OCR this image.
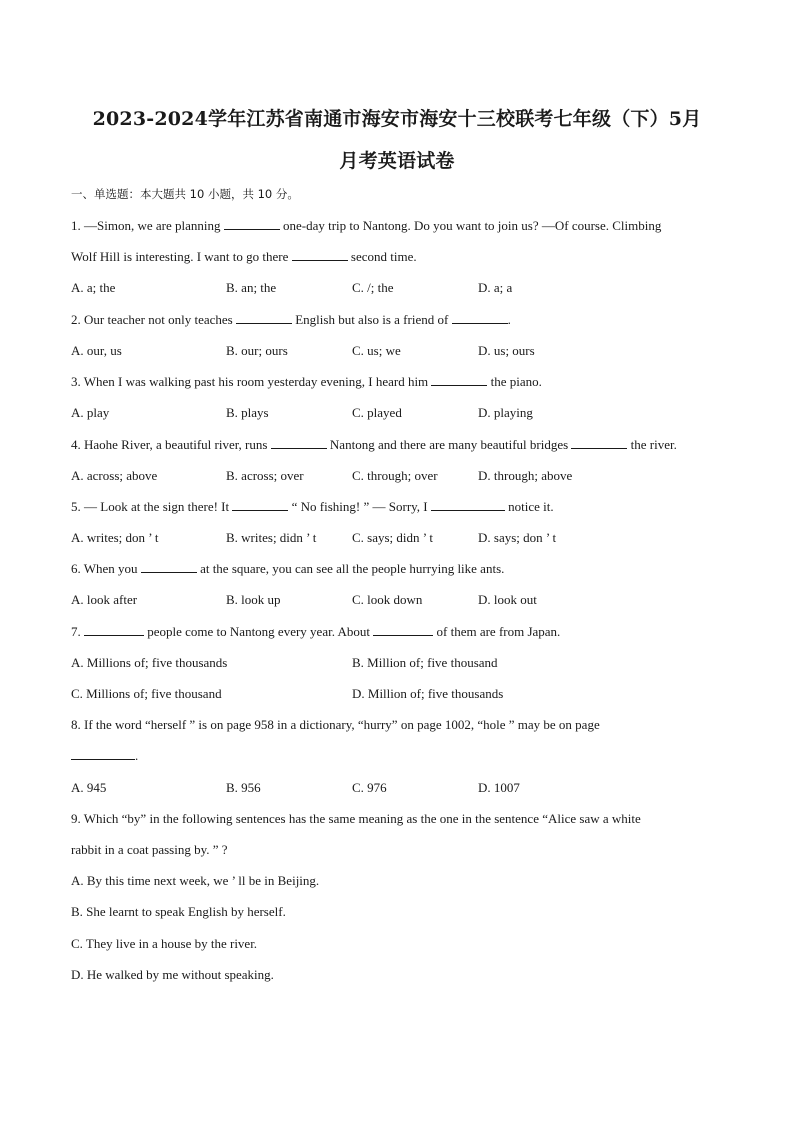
2023-2024学年江苏省南通市海安市海安十三校联考七年级（下）5月
月考英语试卷
一、单选题：本大题共 10 小题，共 10 分。
1. —Simon, we are planning	one-day trip to Nantong. Do you want to join us? —Of course. Climbing
Wolf Hill is interesting. I want to go there	second time.
A. a; the	B. an; the	C. /; the	D. a; a
2. Our teacher not only teaches	English but also is a friend of	.
A. our, us	B. our; ours	C. us; we	D. us; ours
3. When I was walking past his room yesterday evening, I heard him	the piano.
A. play	B. plays	C. played	D. playing
4. Haohe River, a beautiful river, runs	Nantong and there are many beautiful bridges	the river.
A. across; above	B. across; over	C. through; over	D. through; above
5. — Look at the sign there! It	“ No fishing! ” — Sorry, I	notice it.
A. writes; don ’ t	B. writes; didn ’ t	C. says; didn ’ t	D. says; don ’ t
6. When you	at the square, you can see all the people hurrying like ants.
A. look after	B. look up	C. look down	D. look out
7.	people come to Nantong every year. About	of them are from Japan.
A. Millions of; five thousands	B. Million of; five thousand
C. Millions of; five thousand	D. Million of; five thousands
8. If the word “herself ” is on page 958 in a dictionary, “hurry” on page 1002, “hole ” may be on page
.
A. 945	B. 956	C. 976	D. 1007
9. Which “by” in the following sentences has the same meaning as the one in the sentence “Alice saw a white
rabbit in a coat passing by. ” ?
A. By this time next week, we ’ ll be in Beijing.
B. She learnt to speak English by herself.
C. They live in a house by the river.
D. He walked by me without speaking.
